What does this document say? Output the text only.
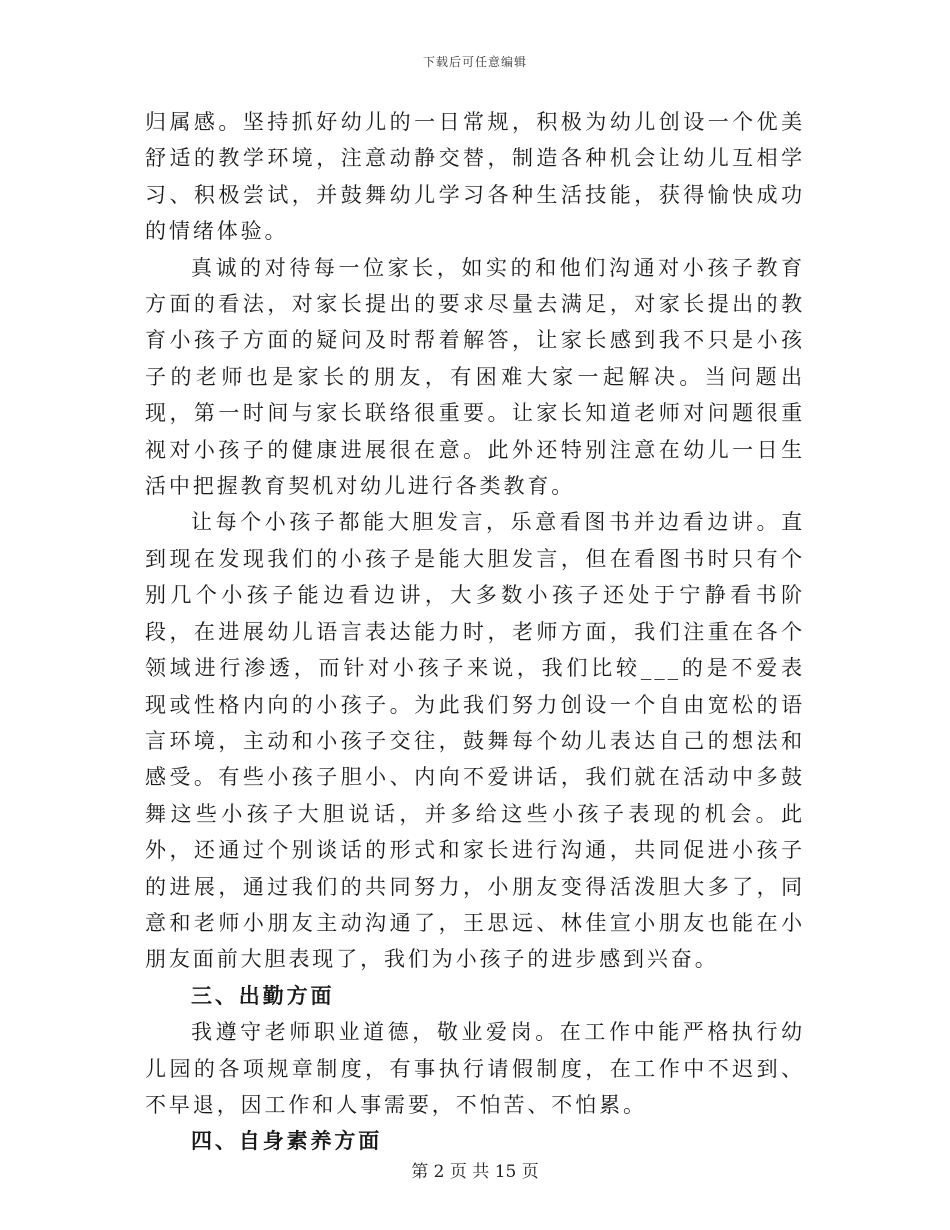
下载后可任意编辑

归属感。坚持抓好幼儿的一日常规，积极为幼儿创设一个优美舒适的教学环境，注意动静交替，制造各种机会让幼儿互相学习、积极尝试，并鼓舞幼儿学习各种生活技能，获得愉快成功的情绪体验。

真诚的对待每一位家长，如实的和他们沟通对小孩子教育方面的看法，对家长提出的要求尽量去满足，对家长提出的教育小孩子方面的疑问及时帮着解答，让家长感到我不只是小孩子的老师也是家长的朋友，有困难大家一起解决。当问题出现，第一时间与家长联络很重要。让家长知道老师对问题很重视对小孩子的健康进展很在意。此外还特别注意在幼儿一日生活中把握教育契机对幼儿进行各类教育。

让每个小孩子都能大胆发言，乐意看图书并边看边讲。直到现在发现我们的小孩子是能大胆发言，但在看图书时只有个别几个小孩子能边看边讲，大多数小孩子还处于宁静看书阶段，在进展幼儿语言表达能力时，老师方面，我们注重在各个领域进行渗透，而针对小孩子来说，我们比较___的是不爱表现或性格内向的小孩子。为此我们努力创设一个自由宽松的语言环境，主动和小孩子交往，鼓舞每个幼儿表达自己的想法和感受。有些小孩子胆小、内向不爱讲话，我们就在活动中多鼓舞这些小孩子大胆说话，并多给这些小孩子表现的机会。此外，还通过个别谈话的形式和家长进行沟通，共同促进小孩子的进展，通过我们的共同努力，小朋友变得活泼胆大多了，同意和老师小朋友主动沟通了，王思远、林佳宣小朋友也能在小朋友面前大胆表现了，我们为小孩子的进步感到兴奋。

三、出勤方面

我遵守老师职业道德，敬业爱岗。在工作中能严格执行幼儿园的各项规章制度，有事执行请假制度，在工作中不迟到、不早退，因工作和人事需要，不怕苦、不怕累。

四、自身素养方面

第 2 页 共 15 页
